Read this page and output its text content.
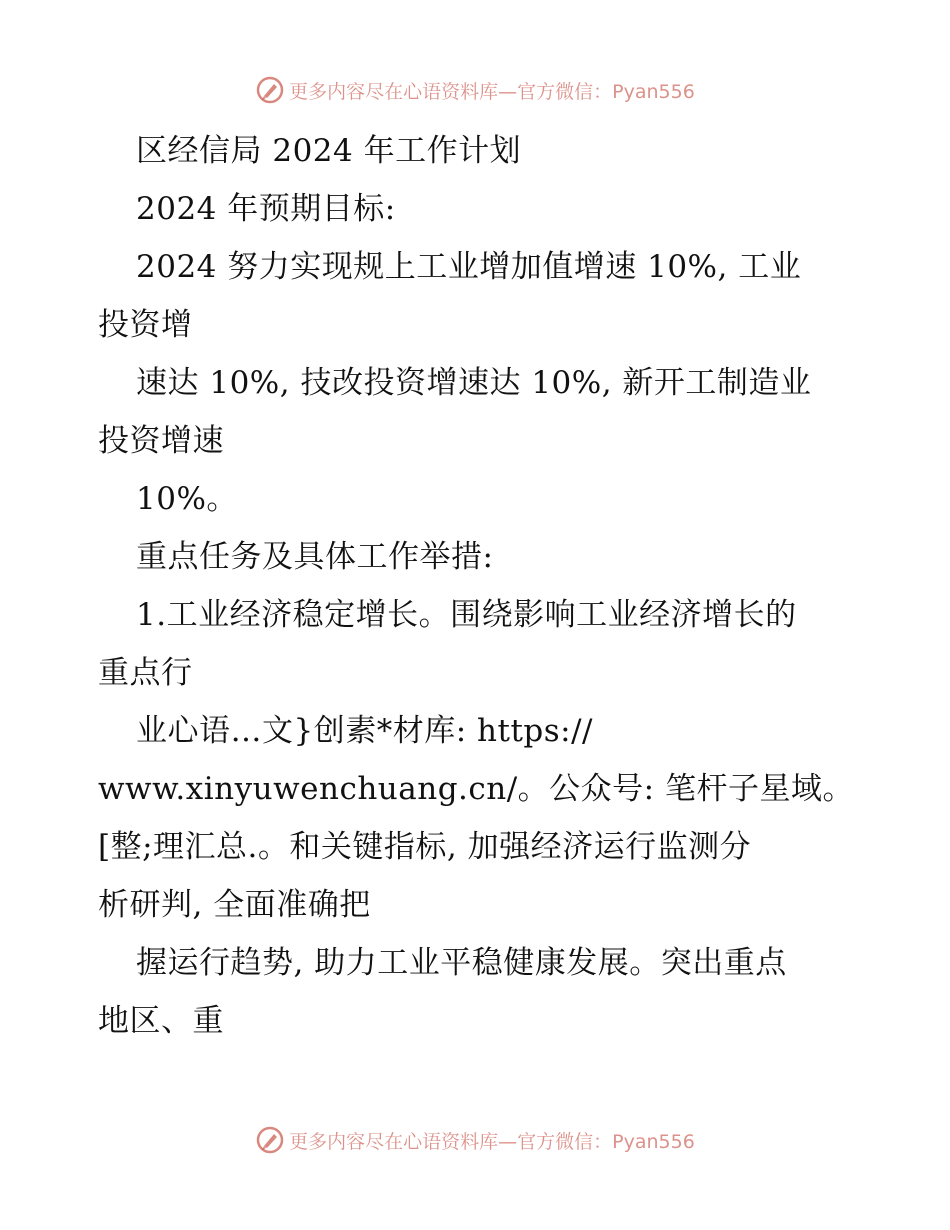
更多内容尽在心语资料库—官方微信：Pyan556
区经信局 2024 年工作计划
2024 年预期目标:
2024 努力实现规上工业增加值增速 10%, 工业
投资增
速达 10%, 技改投资增速达 10%, 新开工制造业
投资增速
10%。
重点任务及具体工作举措:
1.工业经济稳定增长。围绕影响工业经济增长的
重点行
业心语…文}创素*材库: https://
www.xinyuwenchuang.cn/。公众号: 笔杆子星域。
[整;理汇总.。和关键指标, 加强经济运行监测分
析研判, 全面准确把
握运行趋势, 助力工业平稳健康发展。突出重点
地区、重
更多内容尽在心语资料库—官方微信：Pyan556
